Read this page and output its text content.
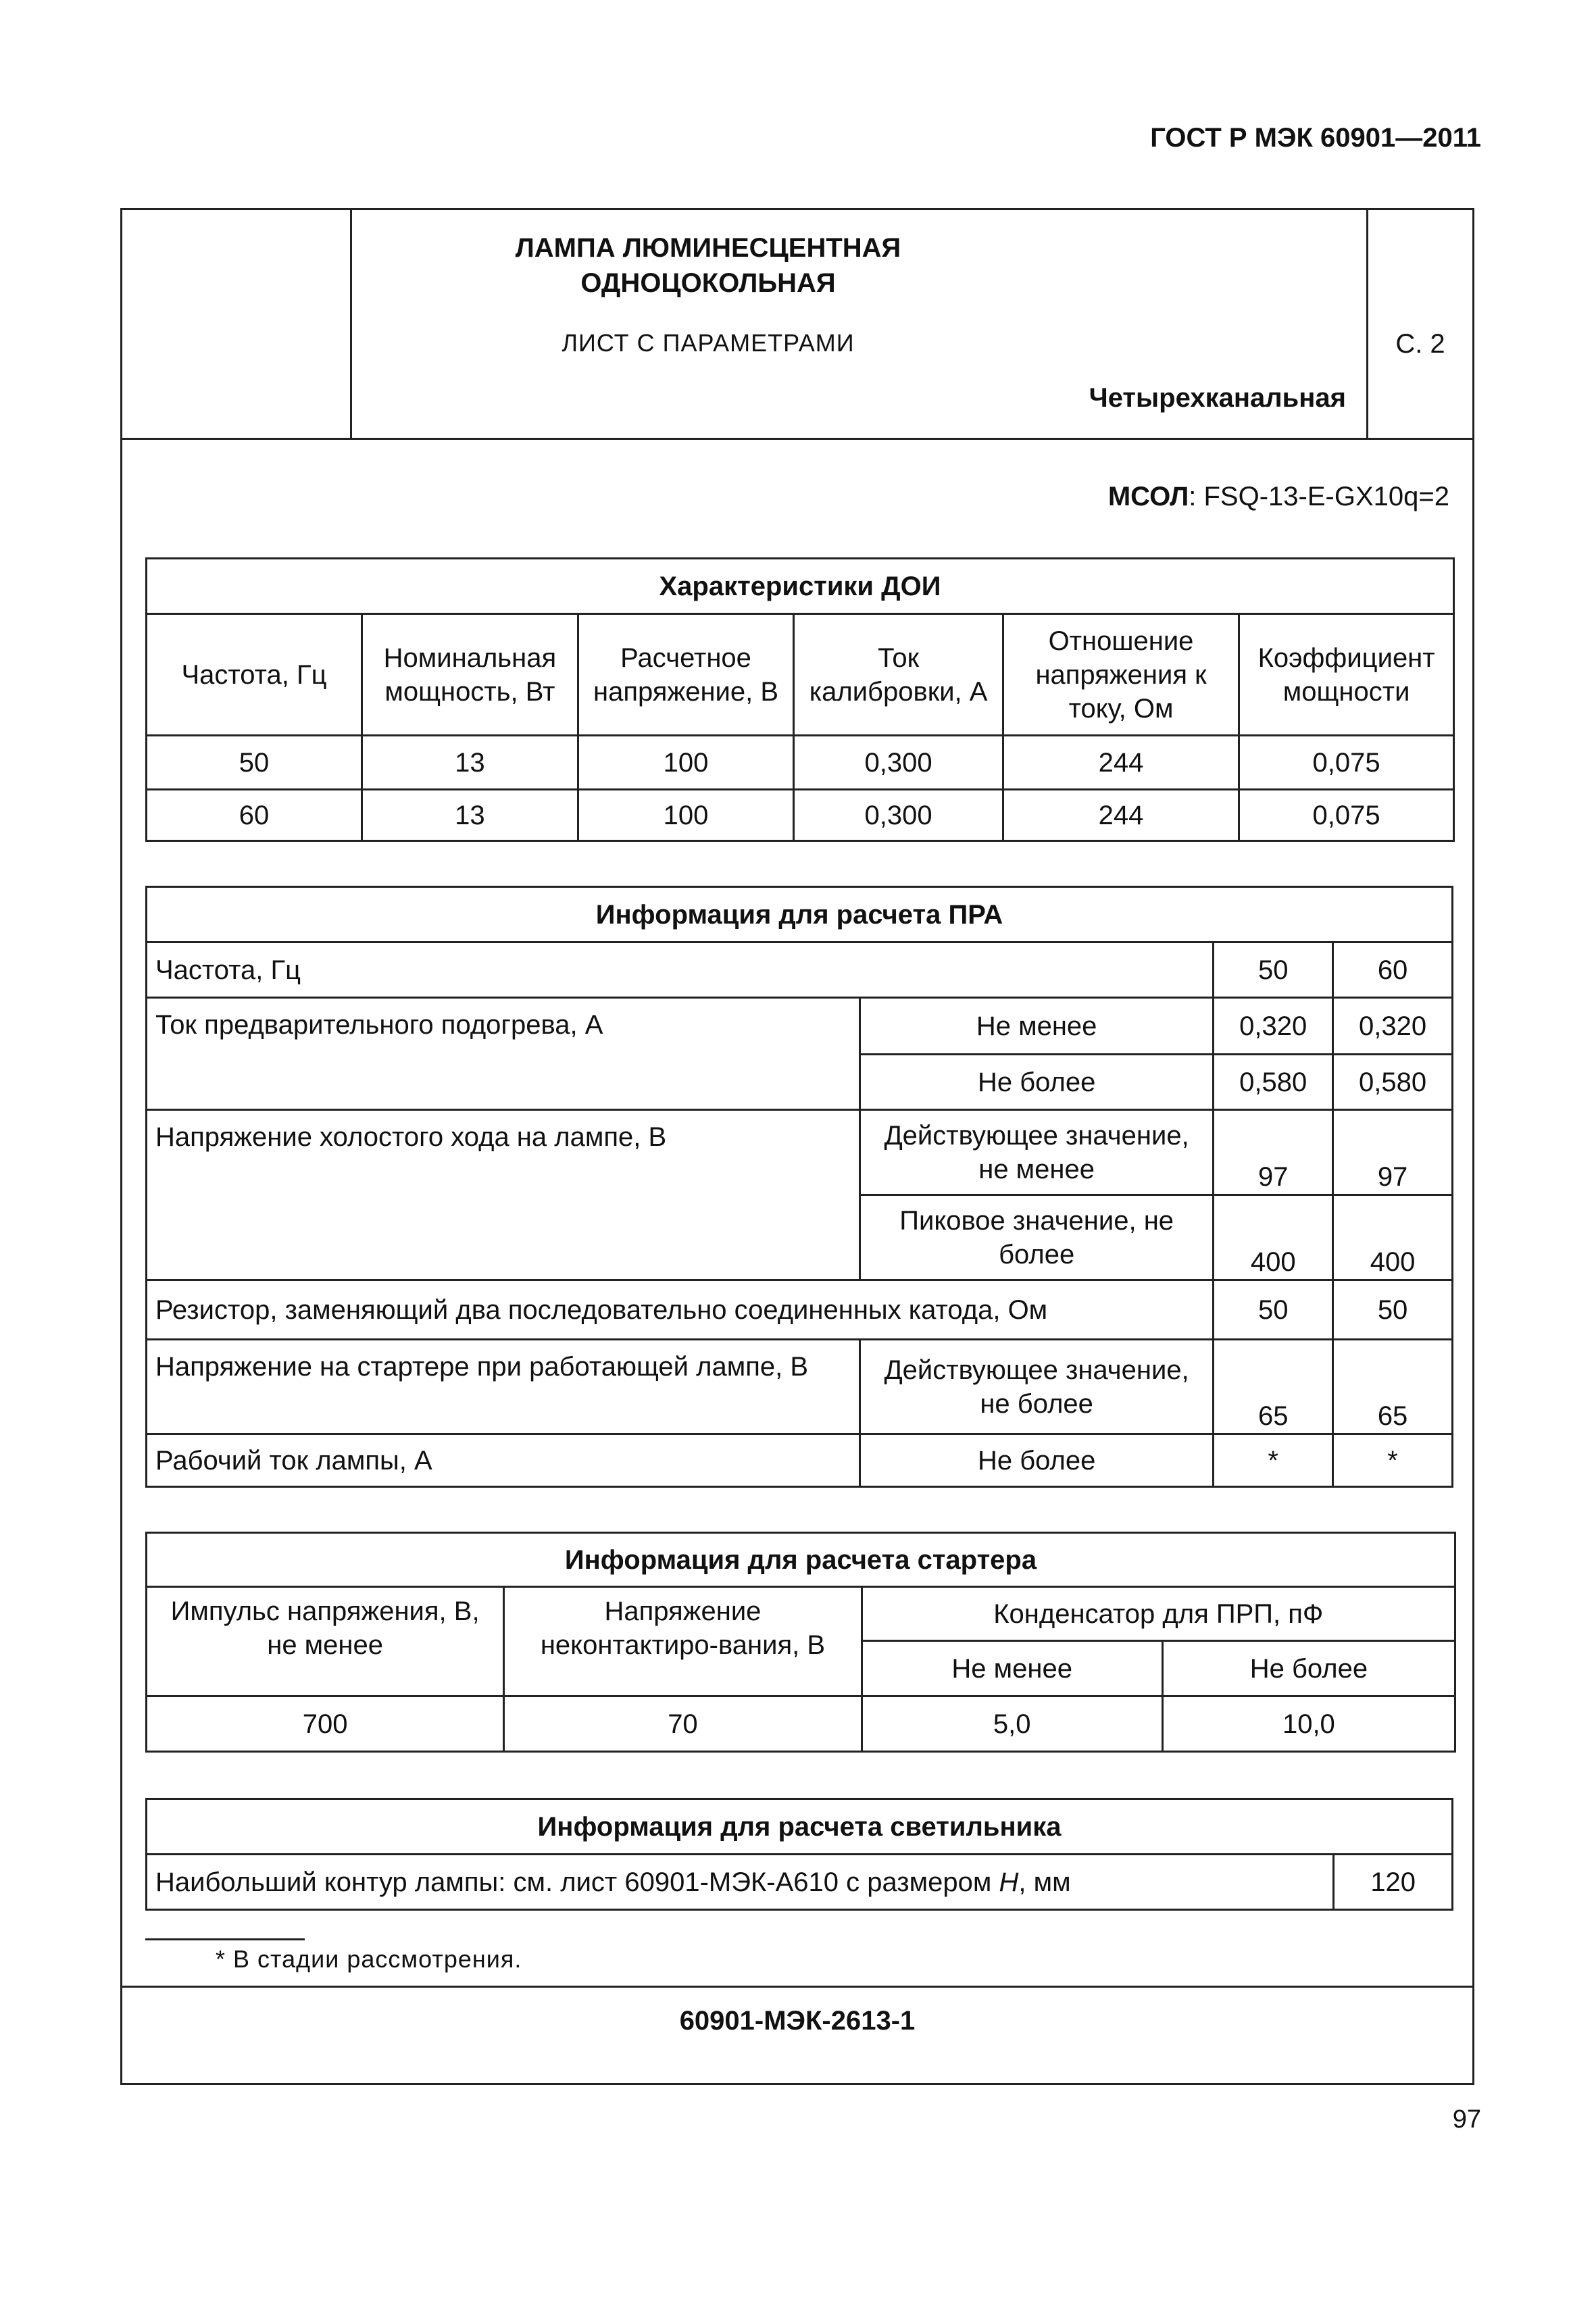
ГОСТ Р МЭК 60901—2011
ЛАМПА ЛЮМИНЕСЦЕНТНАЯ
ОДНОЦОКОЛЬНАЯ
ЛИСТ С ПАРАМЕТРАМИ
Четырехканальная
С. 2
МСОЛ: FSQ-13-E-GX10q=2
Характеристики ДОИ					
Частота, Гц	Номинальная мощность, Вт	Расчетное напряжение, В	Ток калибровки, А	Отношение напряжения к току, Ом	Коэффициент мощности
50	13	100	0,300	244	0,075
60	13	100	0,300	244	0,075
Информация для расчета ПРА			
Частота, Гц		50	60
Ток предварительного подогрева, А	Не менее	0,320	0,320
	Не более	0,580	0,580
Напряжение холостого хода на лампе, В	Действующее значение, не менее	97	97
	Пиковое значение, не более	400	400
Резистор, заменяющий два последовательно соединенных катода, Ом		50	50
Напряжение на стартере при работающей лампе, В	Действующее значение, не более	65	65
Рабочий ток лампы, А	Не более	*	*
Информация для расчета стартера			
Импульс напряжения, В, не менее	Напряжение неконтактиро-вания, В	Конденсатор для ПРП, пФ	
		Не менее	Не более
700	70	5,0	10,0
Информация для расчета светильника
Наибольший контур лампы: см. лист 60901-МЭК-А610 с размером H, мм	120
* В стадии рассмотрения.
60901-МЭК-2613-1
97
